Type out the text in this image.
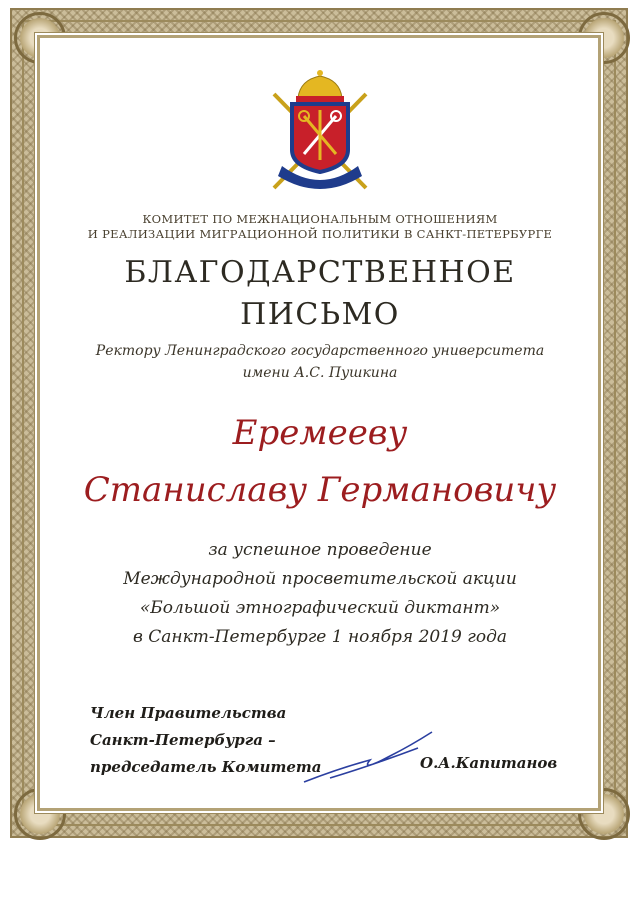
КОМИТЕТ ПО МЕЖНАЦИОНАЛЬНЫМ ОТНОШЕНИЯМ
И РЕАЛИЗАЦИИ МИГРАЦИОННОЙ ПОЛИТИКИ В САНКТ-ПЕТЕРБУРГЕ
БЛАГОДАРСТВЕННОЕ
ПИСЬМО
Ректору Ленинградского государственного университета
имени А.С. Пушкина
Еремееву
Станиславу Германовичу
за успешное проведение
Международной просветительской акции
«Большой этнографический диктант»
в Санкт-Петербурге 1 ноября 2019 года
Член Правительства
Санкт-Петербурга –
председатель Комитета	О.А.Капитанов
